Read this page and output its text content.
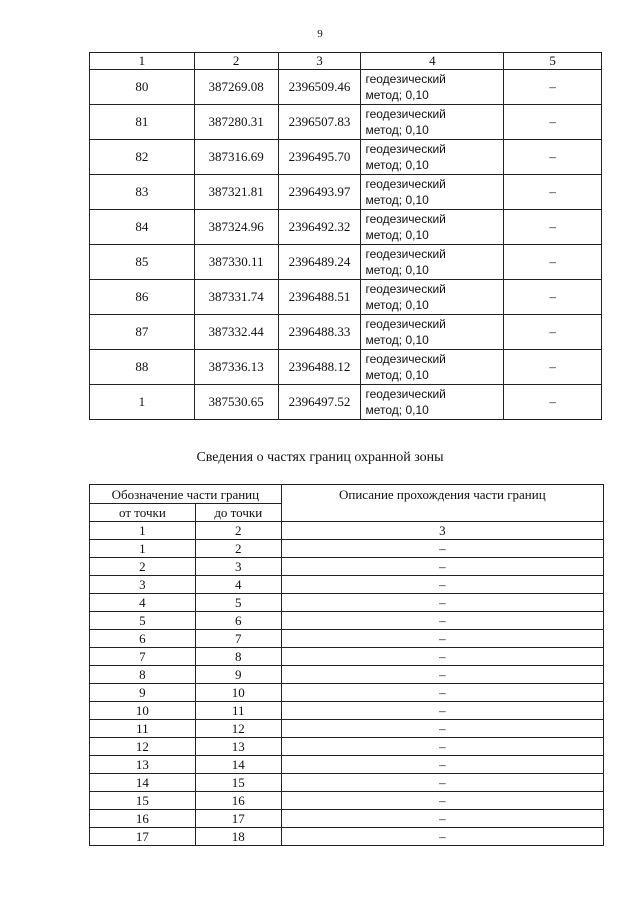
9
1	2	3	4	5
80	387269.08	2396509.46	геодезический
метод; 0,10	–
81	387280.31	2396507.83	геодезический
метод; 0,10	–
82	387316.69	2396495.70	геодезический
метод; 0,10	–
83	387321.81	2396493.97	геодезический
метод; 0,10	–
84	387324.96	2396492.32	геодезический
метод; 0,10	–
85	387330.11	2396489.24	геодезический
метод; 0,10	–
86	387331.74	2396488.51	геодезический
метод; 0,10	–
87	387332.44	2396488.33	геодезический
метод; 0,10	–
88	387336.13	2396488.12	геодезический
метод; 0,10	–
1	387530.65	2396497.52	геодезический
метод; 0,10	–
Сведения о частях границ охранной зоны
Обозначение части границ		Описание прохождения части границ
от точки	до точки	
1	2	3
1	2	–
2	3	–
3	4	–
4	5	–
5	6	–
6	7	–
7	8	–
8	9	–
9	10	–
10	11	–
11	12	–
12	13	–
13	14	–
14	15	–
15	16	–
16	17	–
17	18	–
